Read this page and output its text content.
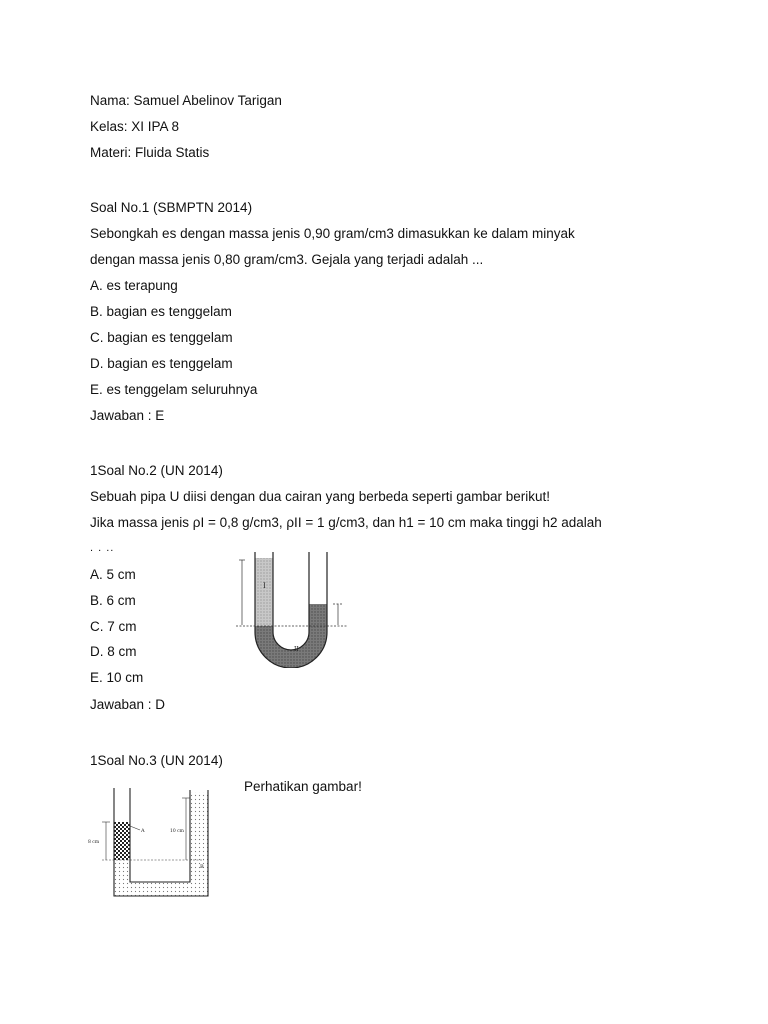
Nama: Samuel Abelinov Tarigan
Kelas: XI IPA 8
Materi: Fluida Statis
Soal No.1 (SBMPTN 2014)
Sebongkah es dengan massa jenis 0,90 gram/cm3 dimasukkan ke dalam minyak
dengan massa jenis 0,80 gram/cm3. Gejala yang terjadi adalah ...
A. es terapung
B. bagian es tenggelam
C. bagian es tenggelam
D. bagian es tenggelam
E. es tenggelam seluruhnya
Jawaban : E
1Soal No.2 (UN 2014)
Sebuah pipa U diisi dengan dua cairan yang berbeda seperti gambar berikut!
Jika massa jenis ρI = 0,8 g/cm3, ρII = 1 g/cm3, dan h1 = 10 cm maka tinggi h2 adalah
. . ..
A. 5 cm
B. 6 cm
C. 7 cm
D. 8 cm
E. 10 cm
Jawaban : D
I
II
1Soal No.3 (UN 2014)
Perhatikan gambar!
A
B
8 cm
10 cm
